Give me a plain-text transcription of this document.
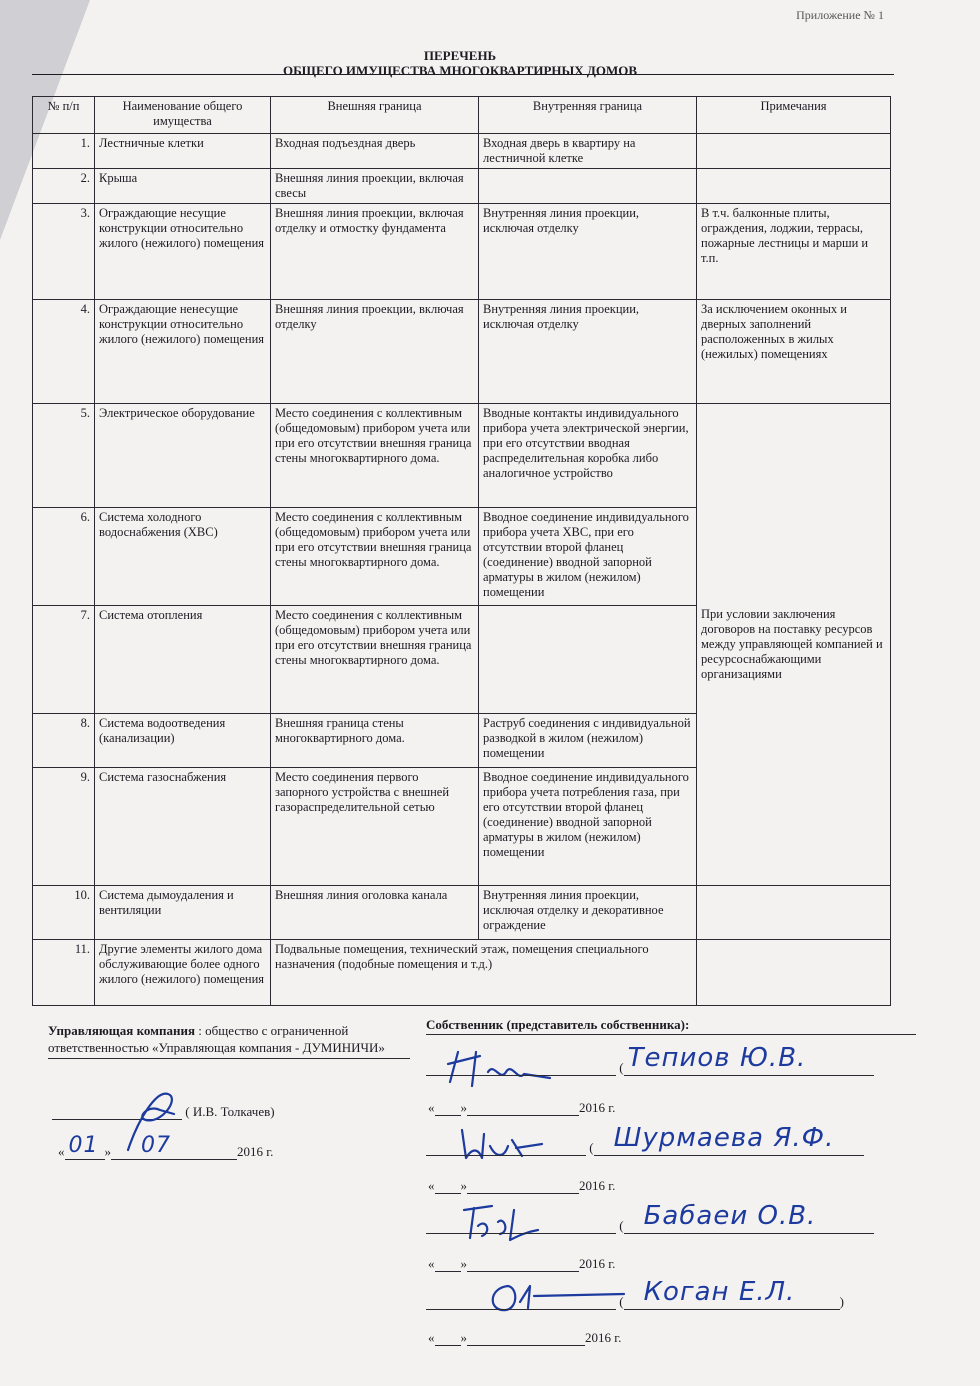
Приложение № 1
ПЕРЕЧЕНЬ
ОБЩЕГО ИМУЩЕСТВА МНОГОКВАРТИРНЫХ ДОМОВ
№ п/п	Наименование общего имущества	Внешняя граница	Внутренняя граница	Примечания
1.	Лестничные клетки	Входная подъездная дверь	Входная дверь в квартиру на лестничной клетке	
2.	Крыша	Внешняя линия проекции, включая свесы		
3.	Ограждающие несущие конструкции относительно жилого (нежилого) помещения	Внешняя линия проекции, включая отделку и отмостку фундамента	Внутренняя линия проекции, исключая отделку	В т.ч. балконные плиты, ограждения, лоджии, террасы, пожарные лестницы и марши и т.п.
4.	Ограждающие ненесущие конструкции относительно жилого (нежилого) помещения	Внешняя линия проекции, включая отделку	Внутренняя линия проекции, исключая отделку	За исключением оконных и дверных заполнений расположенных в жилых (нежилых) помещениях
5.	Электрическое оборудование	Место соединения с коллективным (общедомовым) прибором учета или при его отсутствии внешняя граница стены многоквартирного дома.	Вводные контакты индивидуального прибора учета электрической энергии, при его отсутствии вводная распределительная коробка либо аналогичное устройство	При условии заключения договоров на поставку ресурсов между управляющей компанией и ресурсоснабжающими организациями
6.	Система холодного водоснабжения (ХВС)	Место соединения с коллективным (общедомовым) прибором учета или при его отсутствии внешняя граница стены многоквартирного дома.	Вводное соединение индивидуального прибора учета ХВС, при его отсутствии второй фланец (соединение) вводной запорной арматуры в жилом (нежилом) помещении	
7.	Система отопления	Место соединения с коллективным (общедомовым) прибором учета или при его отсутствии внешняя граница стены многоквартирного дома.		
8.	Система водоотведения (канализации)	Внешняя граница стены многоквартирного дома.	Раструб соединения с индивидуальной разводкой в жилом (нежилом) помещении	
9.	Система газоснабжения	Место соединения первого запорного устройства с внешней газораспределительной сетью	Вводное соединение индивидуального прибора учета потребления газа, при его отсутствии второй фланец (соединение) вводной запорной арматуры в жилом (нежилом) помещении	
10.	Система дымоудаления и вентиляции	Внешняя линия оголовка канала	Внутренняя линия проекции, исключая отделку и декоративное ограждение	
11.	Другие элементы жилого дома обслуживающие более одного жилого (нежилого) помещения	Подвальные помещения, технический этаж, помещения специального назначения (подобные помещения и т.д.)		
Управляющая компания : общество с ограниченной ответственностью «Управляющая компания - ДУМИНИЧИ»
( И.В. Толкачев)
« 01 » 07	2016 г.
Собственник (представитель собственника):
( Тепиов Ю.В.
« »	2016 г.
( Шурмаева Я.Ф.
« »	2016 г.
( Бабаеи О.В.
« »	2016 г.
( Коган Е.Л.	)
« »	2016 г.
